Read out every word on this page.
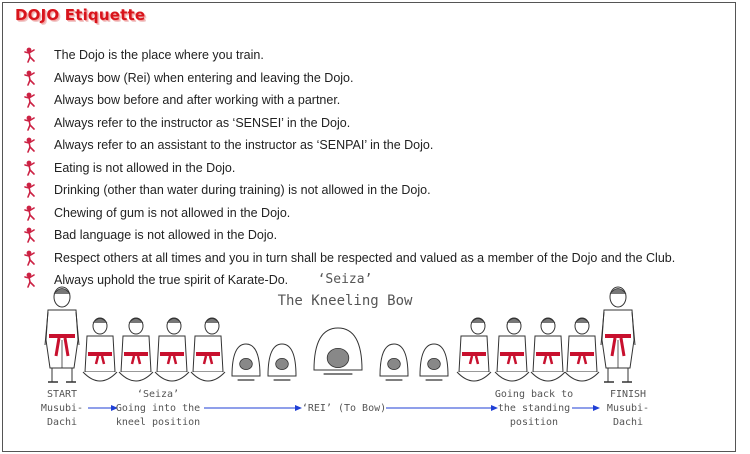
DOJO Etiquette
The Dojo is the place where you train.
Always bow (Rei) when entering and leaving the Dojo.
Always bow before and after working with a partner.
Always refer to the instructor as ‘SENSEI’ in the Dojo.
Always refer to an assistant to the instructor as ‘SENPAI’ in the Dojo.
Eating is not allowed in the Dojo.
Drinking (other than water during training) is not allowed in the Dojo.
Chewing of gum is not allowed in the Dojo.
Bad language is not allowed in the Dojo.
Respect others at all times and you in turn shall be respected and valued as a member of the Dojo and the Club.
Always uphold the true spirit of Karate-Do. ‘Seiza’
The Kneeling Bow
START Musubi-Dachi
‘Seiza’ Going into the kneel position
Going back to the standing position
FINISH Musubi-Dachi
‘REI’ (To Bow)
